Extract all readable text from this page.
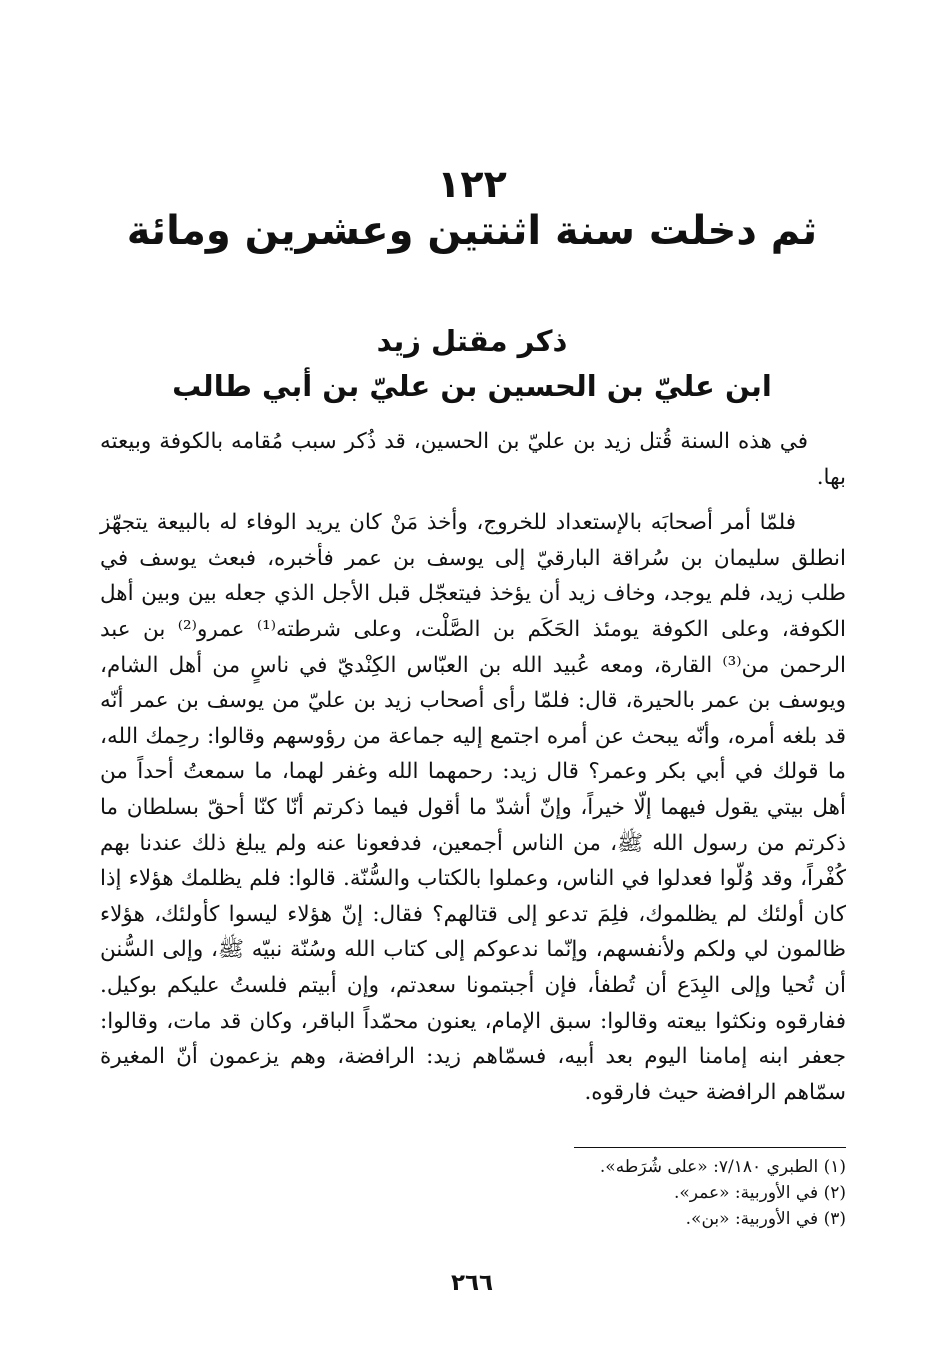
١٢٢
ثم دخلت سنة اثنتين وعشرين ومائة
ذكر مقتل زيد
ابن عليّ بن الحسين بن عليّ بن أبي طالب

في هذه السنة قُتل زيد بن عليّ بن الحسين، قد ذُكر سبب مُقامه بالكوفة وبيعته بها.

فلمّا أمر أصحابَه بالإستعداد للخروج، وأخذ مَنْ كان يريد الوفاء له بالبيعة يتجهّز انطلق سليمان بن سُراقة البارقيّ إلى يوسف بن عمر فأخبره، فبعث يوسف في طلب زيد، فلم يوجد، وخاف زيد أن يؤخذ فيتعجّل قبل الأجل الذي جعله بين وبين أهل الكوفة، وعلى الكوفة يومئذ الحَكَم بن الصَّلْت، وعلى شرطته⁽¹⁾ عمرو⁽²⁾ بن عبد الرحمن من⁽³⁾ القارة، ومعه عُبيد الله بن العبّاس الكِنْديّ في ناسٍ من أهل الشام، ويوسف بن عمر بالحيرة، قال: فلمّا رأى أصحاب زيد بن عليّ من يوسف بن عمر أنّه قد بلغه أمره، وأنّه يبحث عن أمره اجتمع إليه جماعة من رؤوسهم وقالوا: رحِمك الله، ما قولك في أبي بكر وعمر؟ قال زيد: رحمهما الله وغفر لهما، ما سمعتُ أحداً من أهل بيتي يقول فيهما إلّا خيراً، وإنّ أشدّ ما أقول فيما ذكرتم أنّا كنّا أحقّ بسلطان ما ذكرتم من رسول الله ﷺ، من الناس أجمعين، فدفعونا عنه ولم يبلغ ذلك عندنا بهم كُفْراً، وقد وُلّوا فعدلوا في الناس، وعملوا بالكتاب والسُّنّة. قالوا: فلم يظلمك هؤلاء إذا كان أولئك لم يظلموك، فلِمَ تدعو إلى قتالهم؟ فقال: إنّ هؤلاء ليسوا كأولئك، هؤلاء ظالمون لي ولكم ولأنفسهم، وإنّما ندعوكم إلى كتاب الله وسُنّة نبيّه ﷺ، وإلى السُّنن أن تُحيا وإلى البِدَع أن تُطفأ، فإن أجبتمونا سعدتم، وإن أبيتم فلستُ عليكم بوكيل. ففارقوه ونكثوا بيعته وقالوا: سبق الإمام، يعنون محمّداً الباقر، وكان قد مات، وقالوا: جعفر ابنه إمامنا اليوم بعد أبيه، فسمّاهم زيد: الرافضة، وهم يزعمون أنّ المغيرة سمّاهم الرافضة حيث فارقوه.

(١) الطبري ٧/١٨٠: «على شُرَطه».

(٢) في الأوربية: «عمر».

(٣) في الأوربية: «بن».

٢٦٦
